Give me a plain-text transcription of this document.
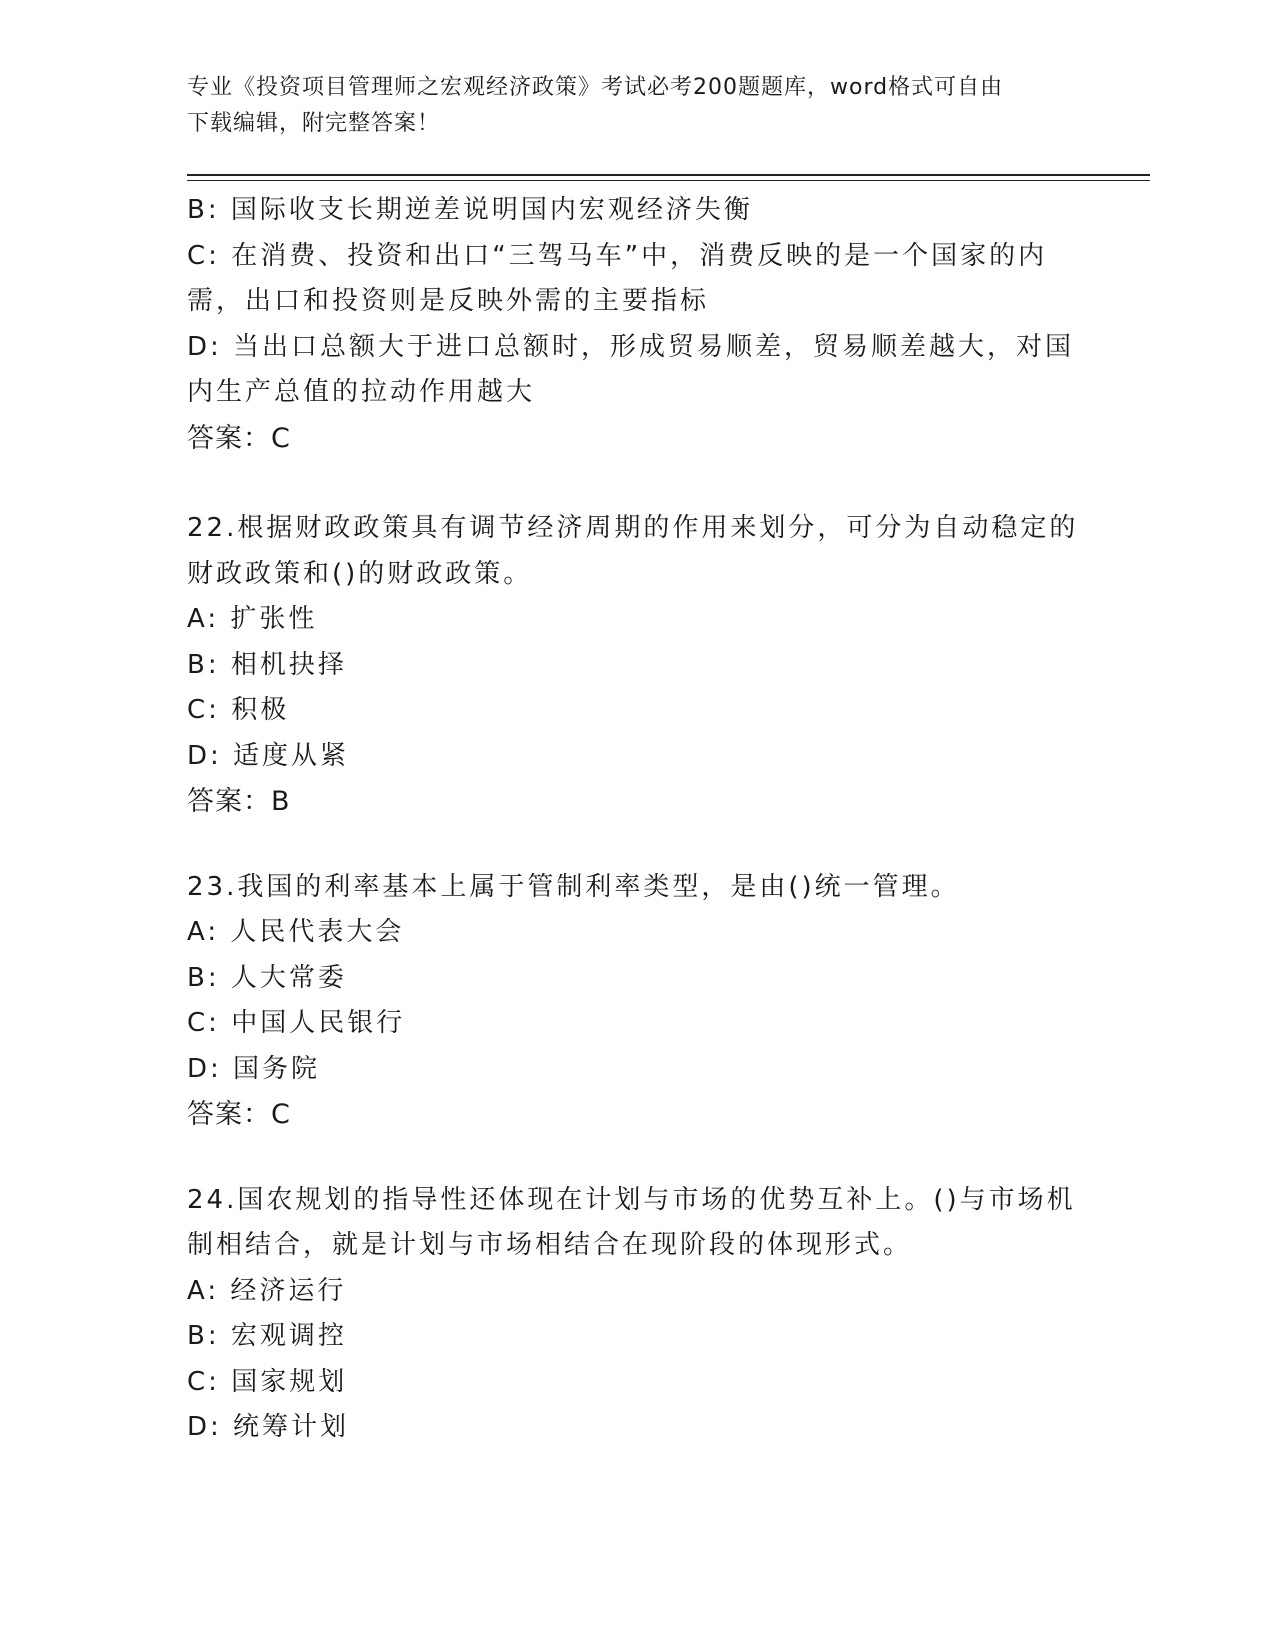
专业《投资项目管理师之宏观经济政策》考试必考200题题库，word格式可自由
下载编辑，附完整答案！
B: 国际收支长期逆差说明国内宏观经济失衡
C: 在消费、投资和出口“三驾马车”中，消费反映的是一个国家的内
需，出口和投资则是反映外需的主要指标
D: 当出口总额大于进口总额时，形成贸易顺差，贸易顺差越大，对国
内生产总值的拉动作用越大
答案：C
22.根据财政政策具有调节经济周期的作用来划分，可分为自动稳定的
财政政策和()的财政政策。
A: 扩张性
B: 相机抉择
C: 积极
D: 适度从紧
答案：B
23.我国的利率基本上属于管制利率类型，是由()统一管理。
A: 人民代表大会
B: 人大常委
C: 中国人民银行
D: 国务院
答案：C
24.国农规划的指导性还体现在计划与市场的优势互补上。()与市场机
制相结合，就是计划与市场相结合在现阶段的体现形式。
A: 经济运行
B: 宏观调控
C: 国家规划
D: 统筹计划
